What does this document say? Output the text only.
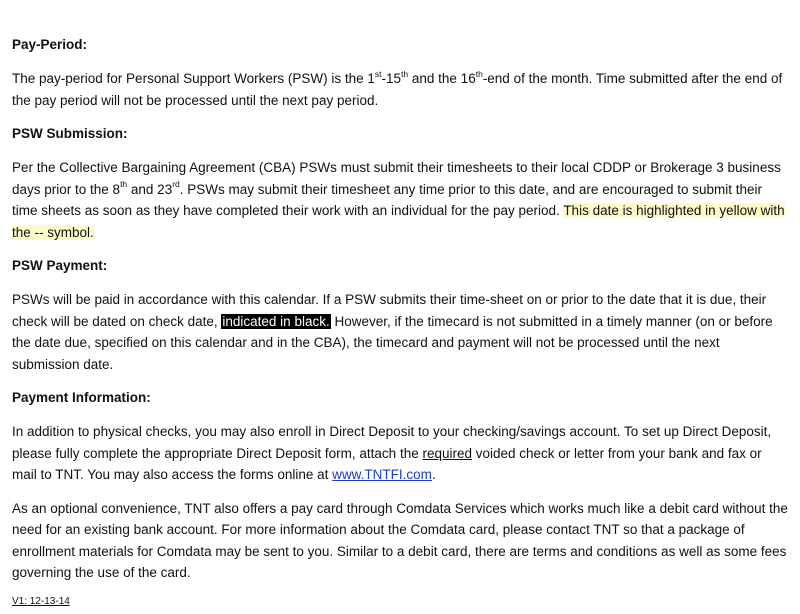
Pay-Period:
The pay-period for Personal Support Workers (PSW) is the 1st-15th and the 16th-end of the month. Time submitted after the end of the pay period will not be processed until the next pay period.
PSW Submission:
Per the Collective Bargaining Agreement (CBA) PSWs must submit their timesheets to their local CDDP or Brokerage 3 business days prior to the 8th and 23rd. PSWs may submit their timesheet any time prior to this date, and are encouraged to submit their time sheets as soon as they have completed their work with an individual for the pay period. This date is highlighted in yellow with the -- symbol.
PSW Payment:
PSWs will be paid in accordance with this calendar. If a PSW submits their time-sheet on or prior to the date that it is due, their check will be dated on check date, indicated in black. However, if the timecard is not submitted in a timely manner (on or before the date due, specified on this calendar and in the CBA), the timecard and payment will not be processed until the next submission date.
Payment Information:
In addition to physical checks, you may also enroll in Direct Deposit to your checking/savings account. To set up Direct Deposit, please fully complete the appropriate Direct Deposit form, attach the required voided check or letter from your bank and fax or mail to TNT. You may also access the forms online at www.TNTFI.com.
As an optional convenience, TNT also offers a pay card through Comdata Services which works much like a debit card without the need for an existing bank account. For more information about the Comdata card, please contact TNT so that a package of enrollment materials for Comdata may be sent to you. Similar to a debit card, there are terms and conditions as well as some fees governing the use of the card.
V1: 12-13-14
